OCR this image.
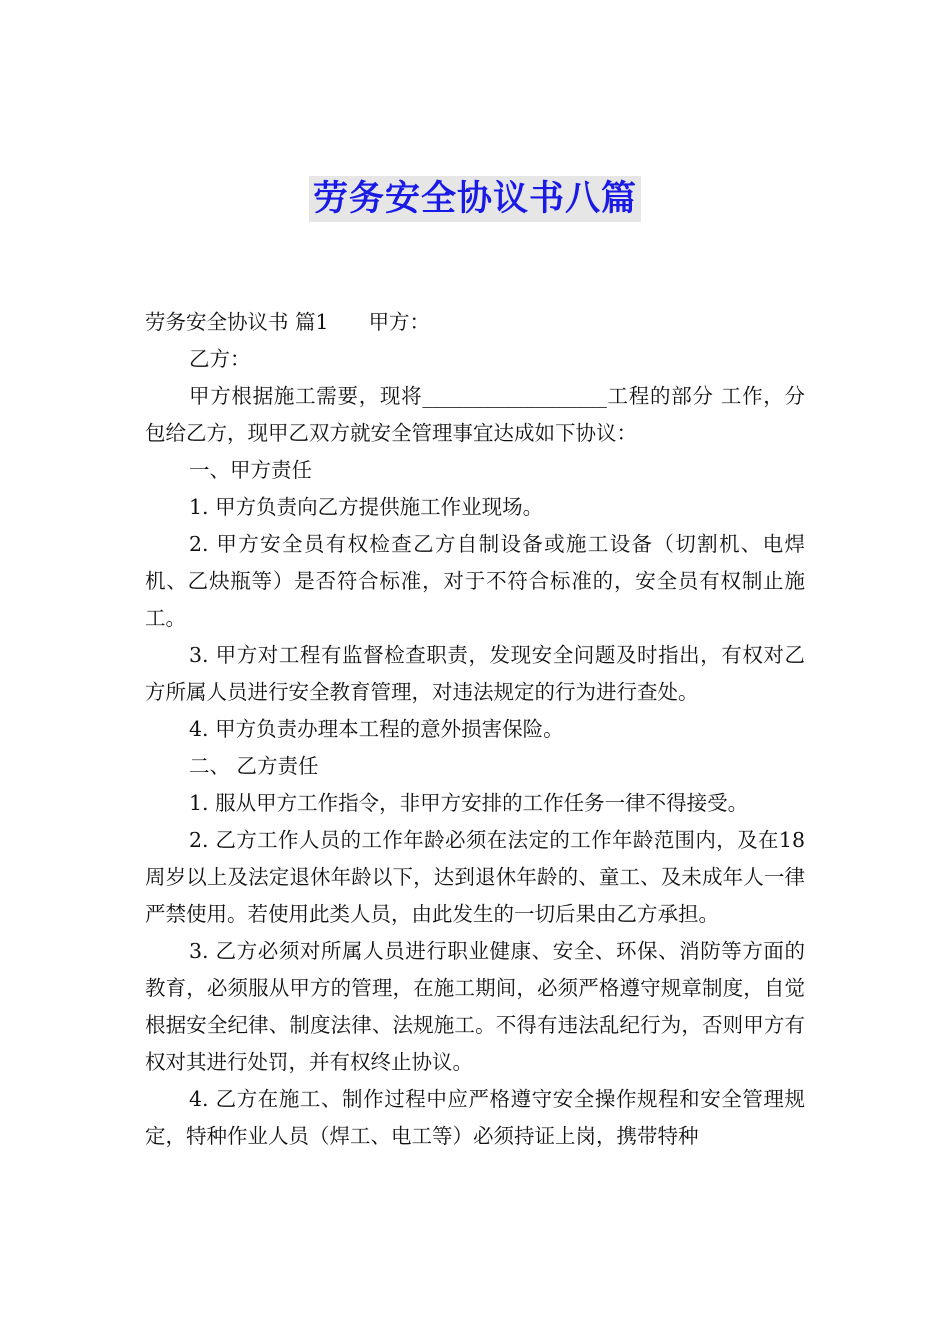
劳务安全协议书八篇

劳务安全协议书 篇1 甲方：

乙方：

甲方根据施工需要，现将__________________工程的部分 工作，分包给乙方，现甲乙双方就安全管理事宜达成如下协议：

一、甲方责任

1. 甲方负责向乙方提供施工作业现场。

2. 甲方安全员有权检查乙方自制设备或施工设备（切割机、电焊机、乙炔瓶等）是否符合标准，对于不符合标准的，安全员有权制止施工。

3. 甲方对工程有监督检查职责，发现安全问题及时指出，有权对乙方所属人员进行安全教育管理，对违法规定的行为进行查处。

4. 甲方负责办理本工程的意外损害保险。

二、 乙方责任

1. 服从甲方工作指令，非甲方安排的工作任务一律不得接受。

2. 乙方工作人员的工作年龄必须在法定的工作年龄范围内，及在18周岁以上及法定退休年龄以下，达到退休年龄的、童工、及未成年人一律严禁使用。若使用此类人员，由此发生的一切后果由乙方承担。

3. 乙方必须对所属人员进行职业健康、安全、环保、消防等方面的教育，必须服从甲方的管理，在施工期间，必须严格遵守规章制度，自觉根据安全纪律、制度法律、法规施工。不得有违法乱纪行为，否则甲方有权对其进行处罚，并有权终止协议。

4. 乙方在施工、制作过程中应严格遵守安全操作规程和安全管理规定，特种作业人员（焊工、电工等）必须持证上岗，携带特种
